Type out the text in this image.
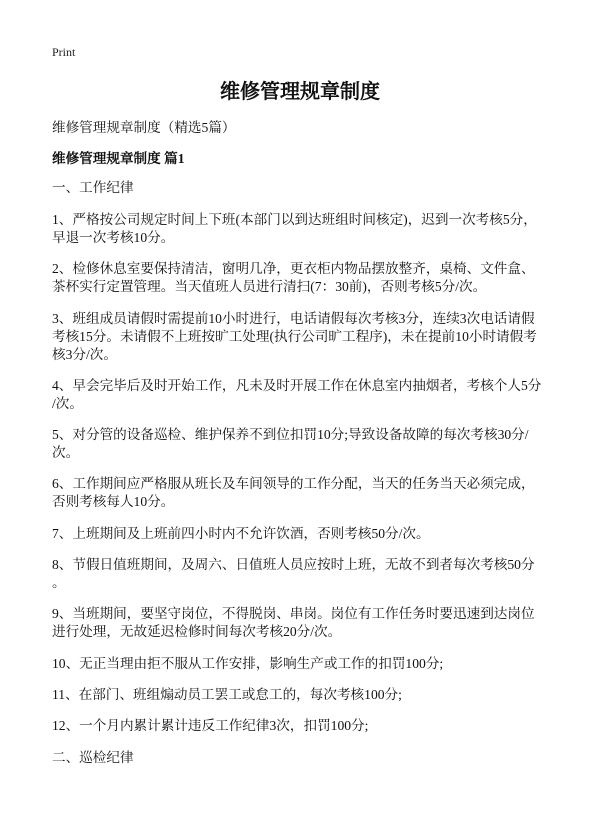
Print
维修管理规章制度
维修管理规章制度（精选5篇）
维修管理规章制度 篇1
一、工作纪律
1、严格按公司规定时间上下班(本部门以到达班组时间核定)，迟到一次考核5分，
早退一次考核10分。
2、检修休息室要保持清洁，窗明几净，更衣柜内物品摆放整齐，桌椅、文件盒、
茶杯实行定置管理。当天值班人员进行清扫(7：30前)，否则考核5分/次。
3、班组成员请假时需提前10小时进行，电话请假每次考核3分，连续3次电话请假
考核15分。未请假不上班按旷工处理(执行公司旷工程序)，未在提前10小时请假考
核3分/次。
4、早会完毕后及时开始工作，凡未及时开展工作在休息室内抽烟者，考核个人5分
/次。
5、对分管的设备巡检、维护保养不到位扣罚10分;导致设备故障的每次考核30分/
次。
6、工作期间应严格服从班长及车间领导的工作分配，当天的任务当天必须完成，
否则考核每人10分。
7、上班期间及上班前四小时内不允许饮酒，否则考核50分/次。
8、节假日值班期间，及周六、日值班人员应按时上班，无故不到者每次考核50分
。
9、当班期间，要坚守岗位，不得脱岗、串岗。岗位有工作任务时要迅速到达岗位
进行处理，无故延迟检修时间每次考核20分/次。
10、无正当理由拒不服从工作安排，影响生产或工作的扣罚100分;
11、在部门、班组煽动员工罢工或怠工的，每次考核100分;
12、一个月内累计累计违反工作纪律3次，扣罚100分;
二、巡检纪律
